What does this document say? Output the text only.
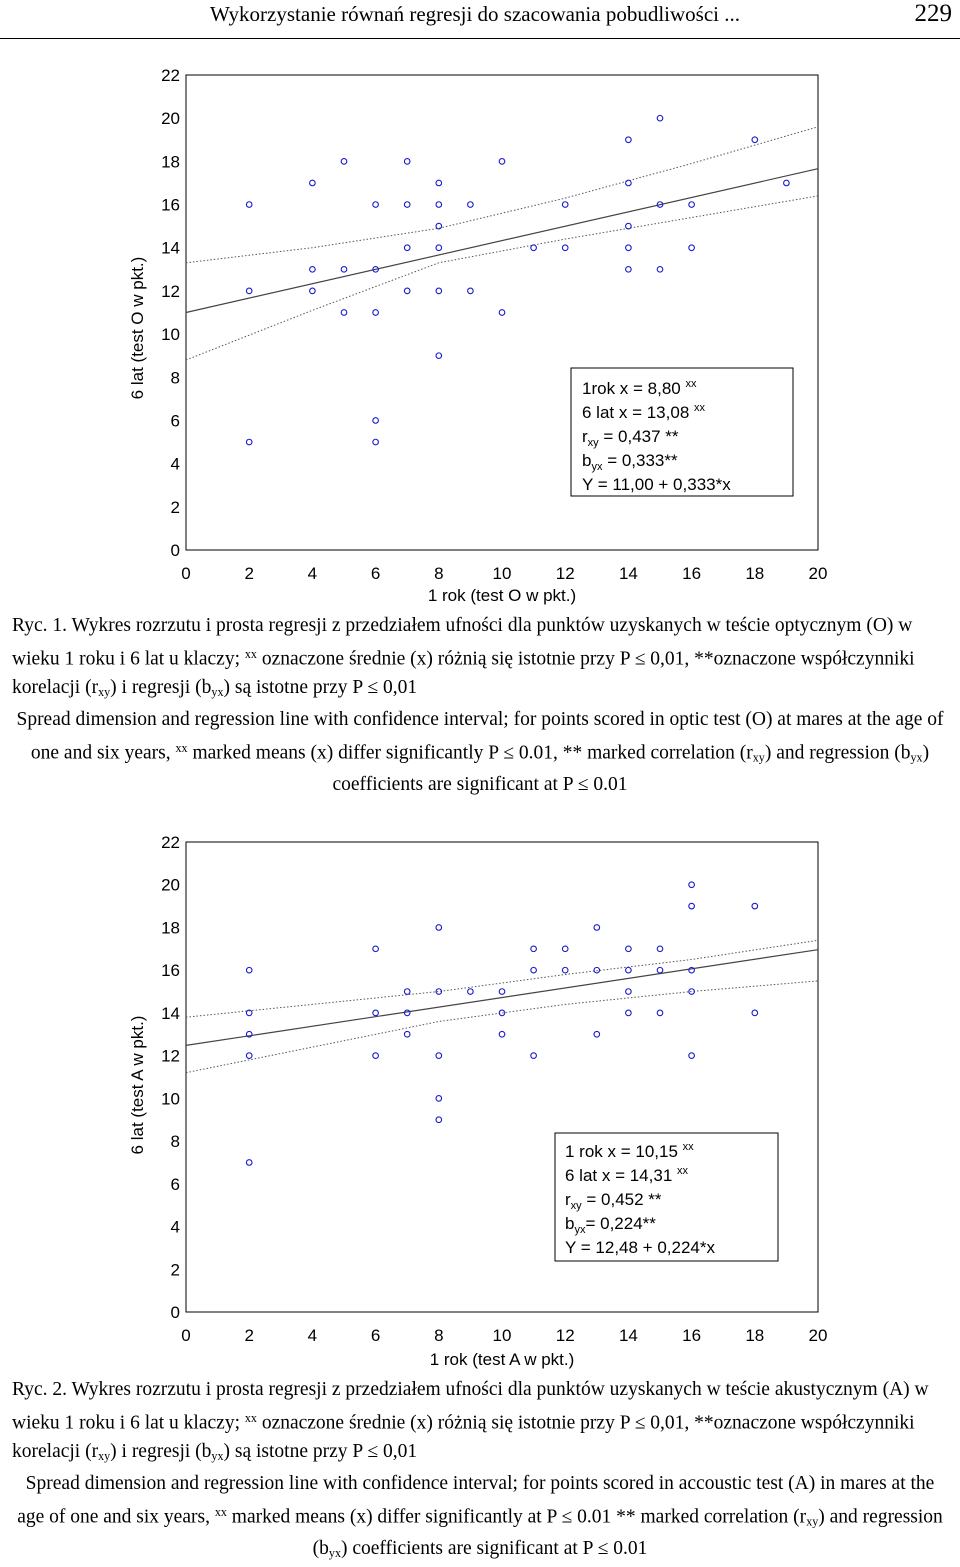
Wykorzystanie równań regresji do szacowania pobudliwości ...	229
0	2	4	6	8	10	12	14	16	18	20
0
2
4
6
8
10
12
14
16
18
20
22
1 rok (test O w pkt.)
6 lat (test O w pkt.)	1rok x = 8,80 $^{xx}$
6 lat x = 13,08 $^{xx}$
$r_{xy} = 0,437$ **
$b_{yx} = 0,333**$
Y = 11,00 + 0,333*x

Ryc. 1. Wykres rozrzutu i prosta regresji z przedziałem ufności dla punktów uzyskanych w teście optycznym (O) w wieku 1 roku i 6 lat u klaczy; $^{xx}$ oznaczone średnie (x) różnią się istotnie przy P ≤ 0,01, **oznaczone współczynniki korelacji $(r_{xy})$ i regresji $(b_{yx})$ są istotne przy P ≤ 0,01

Spread dimension and regression line with confidence interval; for points scored in optic test (O) at mares at the age of one and six years, $^{xx}$ marked means (x) differ significantly P ≤ 0.01, ** marked correlation $(r_{xy})$ and regression $(b_{yx})$ coefficients are significant at P ≤ 0.01

0	2	4	6	8	10	12	14	16	18	20
0
2
4
6
8
10
12
14
16
18
20
22
1 rok (test A w pkt.)
6 lat (test A w pkt.)	1 rok x = 10,15 $^{xx}$
6 lat x = 14,31 $^{xx}$
$r_{xy} = 0,452$ **
$b_{yx}= 0,224**$
Y = 12,48 + 0,224*x

Ryc. 2. Wykres rozrzutu i prosta regresji z przedziałem ufności dla punktów uzyskanych w teście akustycznym (A) w wieku 1 roku i 6 lat u klaczy; $^{xx}$ oznaczone średnie (x) różnią się istotnie przy P ≤ 0,01, **oznaczone współczynniki korelacji $(r_{xy})$ i regresji $(b_{yx})$ są istotne przy P ≤ 0,01

Spread dimension and regression line with confidence interval; for points scored in accoustic test (A) in mares at the age of one and six years, $^{xx}$ marked means (x) differ significantly at P ≤ 0.01 ** marked correlation $(r_{xy})$ and regression $(b_{yx})$ coefficients are significant at P ≤ 0.01
